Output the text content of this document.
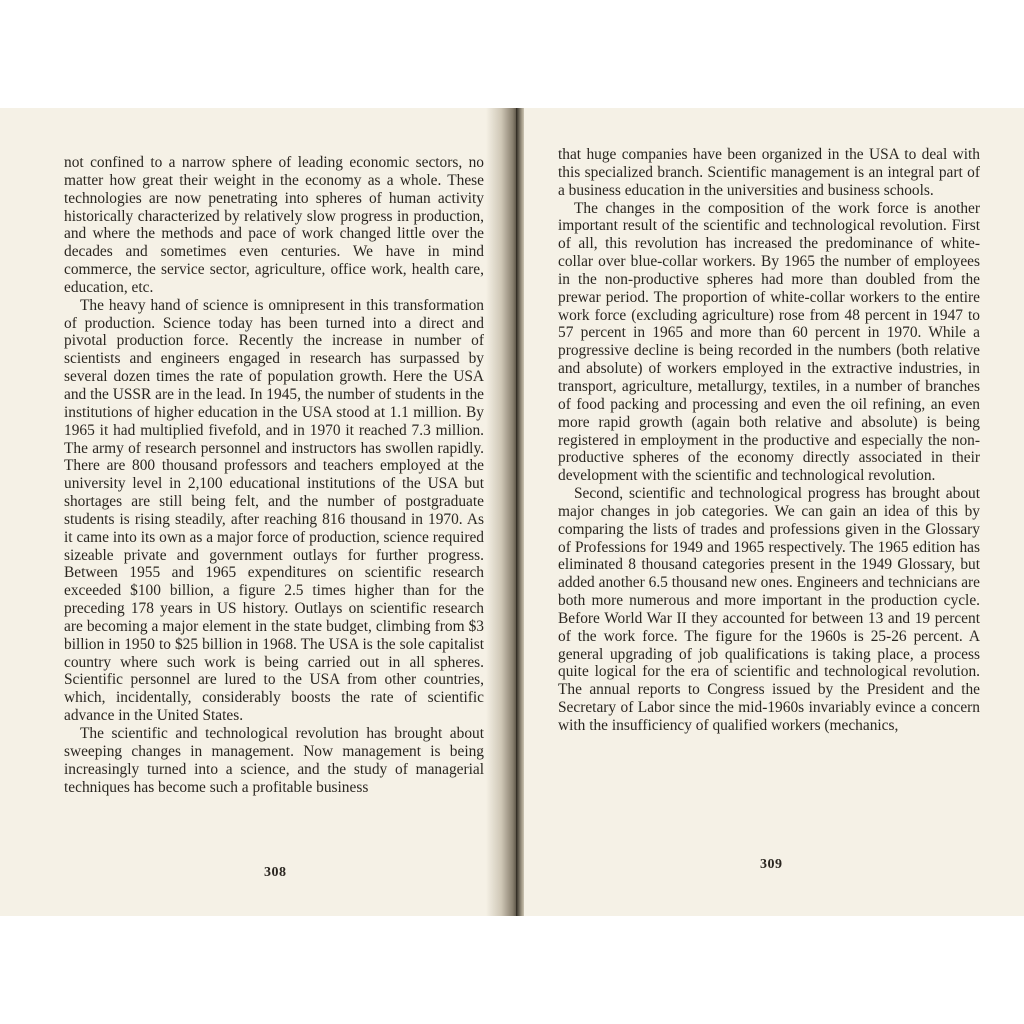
not confined to a narrow sphere of leading economic sectors, no matter how great their weight in the economy as a whole. These technologies are now penetrating into spheres of human activity historically characterized by relatively slow progress in production, and where the methods and pace of work changed little over the decades and sometimes even centuries. We have in mind commerce, the service sector, agriculture, office work, health care, education, etc.

The heavy hand of science is omnipresent in this transformation of production. Science today has been turned into a direct and pivotal production force. Recently the increase in number of scientists and engineers engaged in research has surpassed by several dozen times the rate of population growth. Here the USA and the USSR are in the lead. In 1945, the number of students in the institutions of higher education in the USA stood at 1.1 million. By 1965 it had multiplied fivefold, and in 1970 it reached 7.3 million. The army of research personnel and instructors has swollen rapidly. There are 800 thousand professors and teachers employed at the university level in 2,100 educational institutions of the USA but shortages are still being felt, and the number of postgraduate students is rising steadily, after reaching 816 thousand in 1970. As it came into its own as a major force of production, science required sizeable private and government outlays for further progress. Between 1955 and 1965 expenditures on scientific research exceeded $100 billion, a figure 2.5 times higher than for the preceding 178 years in US history. Outlays on scientific research are becoming a major element in the state budget, climbing from $3 billion in 1950 to $25 billion in 1968. The USA is the sole capitalist country where such work is being carried out in all spheres. Scientific personnel are lured to the USA from other countries, which, incidentally, considerably boosts the rate of scientific advance in the United States.

The scientific and technological revolution has brought about sweeping changes in management. Now management is being increasingly turned into a science, and the study of managerial techniques has become such a profitable business

308

that huge companies have been organized in the USA to deal with this specialized branch. Scientific management is an integral part of a business education in the universities and business schools.

The changes in the composition of the work force is another important result of the scientific and technological revolution. First of all, this revolution has increased the predominance of white-collar over blue-collar workers. By 1965 the number of employees in the non-productive spheres had more than doubled from the prewar period. The proportion of white-collar workers to the entire work force (excluding agriculture) rose from 48 percent in 1947 to 57 percent in 1965 and more than 60 percent in 1970. While a progressive decline is being recorded in the numbers (both relative and absolute) of workers employed in the extractive industries, in transport, agriculture, metallurgy, textiles, in a number of branches of food packing and processing and even the oil refining, an even more rapid growth (again both relative and absolute) is being registered in employment in the productive and especially the non-productive spheres of the economy directly associated in their development with the scientific and technological revolution.

Second, scientific and technological progress has brought about major changes in job categories. We can gain an idea of this by comparing the lists of trades and professions given in the Glossary of Professions for 1949 and 1965 respectively. The 1965 edition has eliminated 8 thousand categories present in the 1949 Glossary, but added another 6.5 thousand new ones. Engineers and technicians are both more numerous and more important in the production cycle. Before World War II they accounted for between 13 and 19 percent of the work force. The figure for the 1960s is 25-26 percent. A general upgrading of job qualifications is taking place, a process quite logical for the era of scientific and technological revolution. The annual reports to Congress issued by the President and the Secretary of Labor since the mid-1960s invariably evince a concern with the insufficiency of qualified workers (mechanics,

309
